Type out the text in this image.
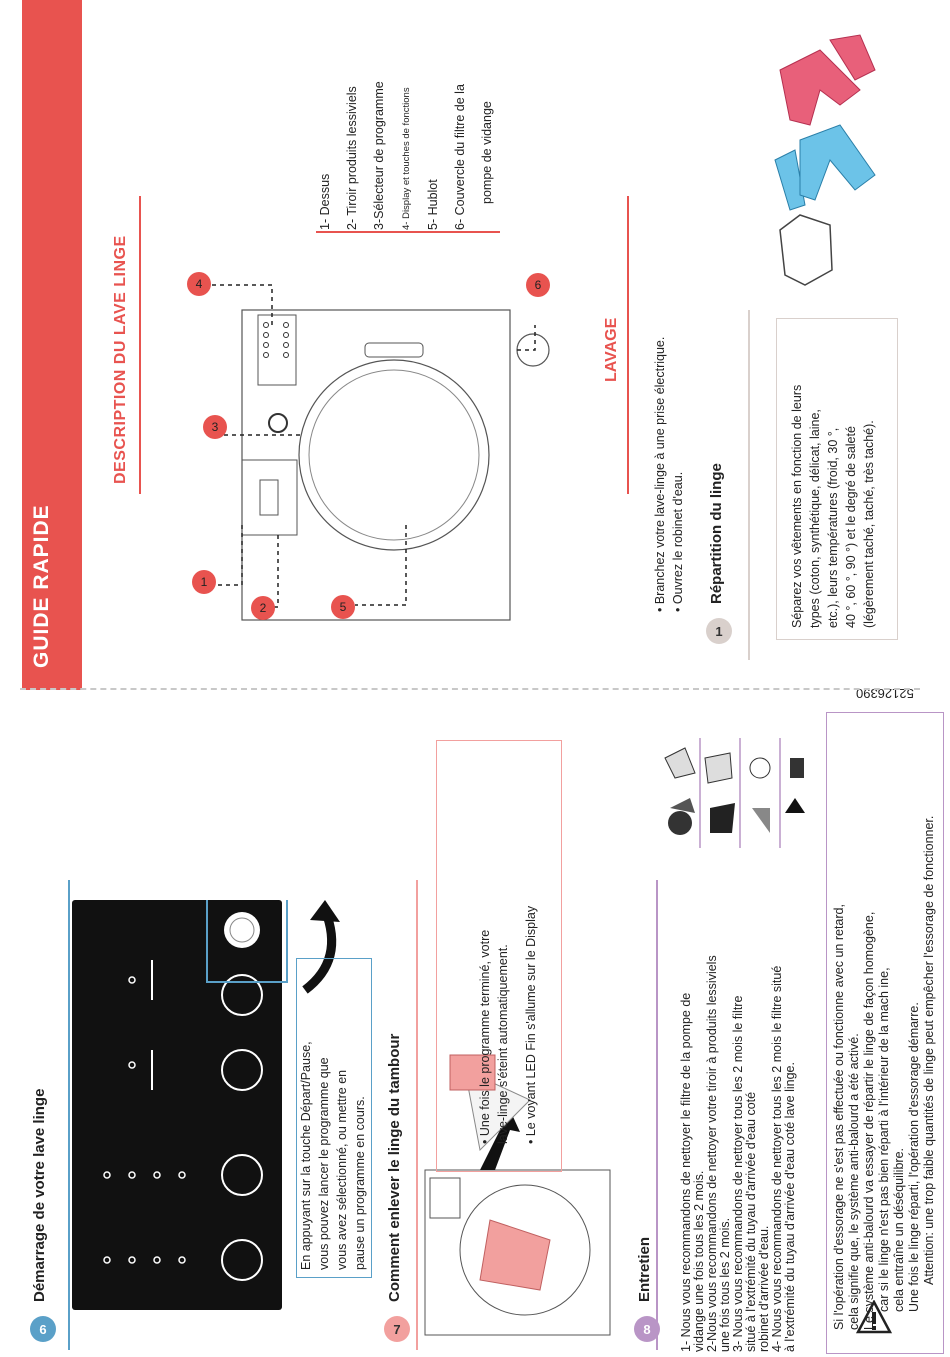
GUIDE RAPIDE
52126390
DESCRIPTION DU LAVE LINGE
1- Dessus	2- Tiroir produits lessiviels	3-Sélecteur de programme	4- Display et touches de fonctions	5- Hublot	6- Couvercle du filtre de la	pompe de vidange
1
2
3
4
5
6
LAVAGE	• Branchez votre lave-linge à une prise électrique. • Ouvrez le robinet d'eau.
1
Répartition du linge	Séparez vos vêtements en fonction de leurs types (coton, synthétique, délicat, laine, etc.), leurs températures (froid, 30 °, 40 °, 60 °, 90 °) et le degré de saleté (légèrement taché, taché, très taché).
6
Démarrage de votre lave linge	En appuyant sur la touche Départ/Pause, vous pouvez lancer le programme que vous avez sélectionné, ou mettre en pause un programme en cours.
7
Comment enlever le linge du tambour	• Une fois le programme terminé, votre lave-linge s'éteint automatiquement. • Le voyant LED Fin s'allume sur le Display
8
Entretien 1- Nous vous recommandons de nettoyer le filtre de la pompe de vidange une fois tous les 2 mois. 2-Nous vous recommandons de nettoyer votre tiroir à produits lessiviels une fois tous les 2 mois. 3- Nous vous recommandons de nettoyer tous les 2 mois le filtre situé à l'extrémité du tuyau d'arrivée d'eau coté robinet d'arrivée d'eau. 4- Nous vous recommandons de nettoyer tous les 2 mois le filtre situé à l'extrémité du tuyau d'arrivée d'eau coté lave linge.	Si l'opération d'essorage ne s'est pas effectuée ou fonctionne avec un retard, cela signifie que, le système anti-balourd a été activé. Le système anti-balourd va essayer de répartir le linge de façon homogène, car si le linge n'est pas bien réparti à l'intérieur de la mach ine, cela entraîne un déséquilibre. Une fois le linge réparti, l'opération d'essorage démarre. Attention: une trop faible quantités de linge peut empêcher l'essorage de fonctionner.
